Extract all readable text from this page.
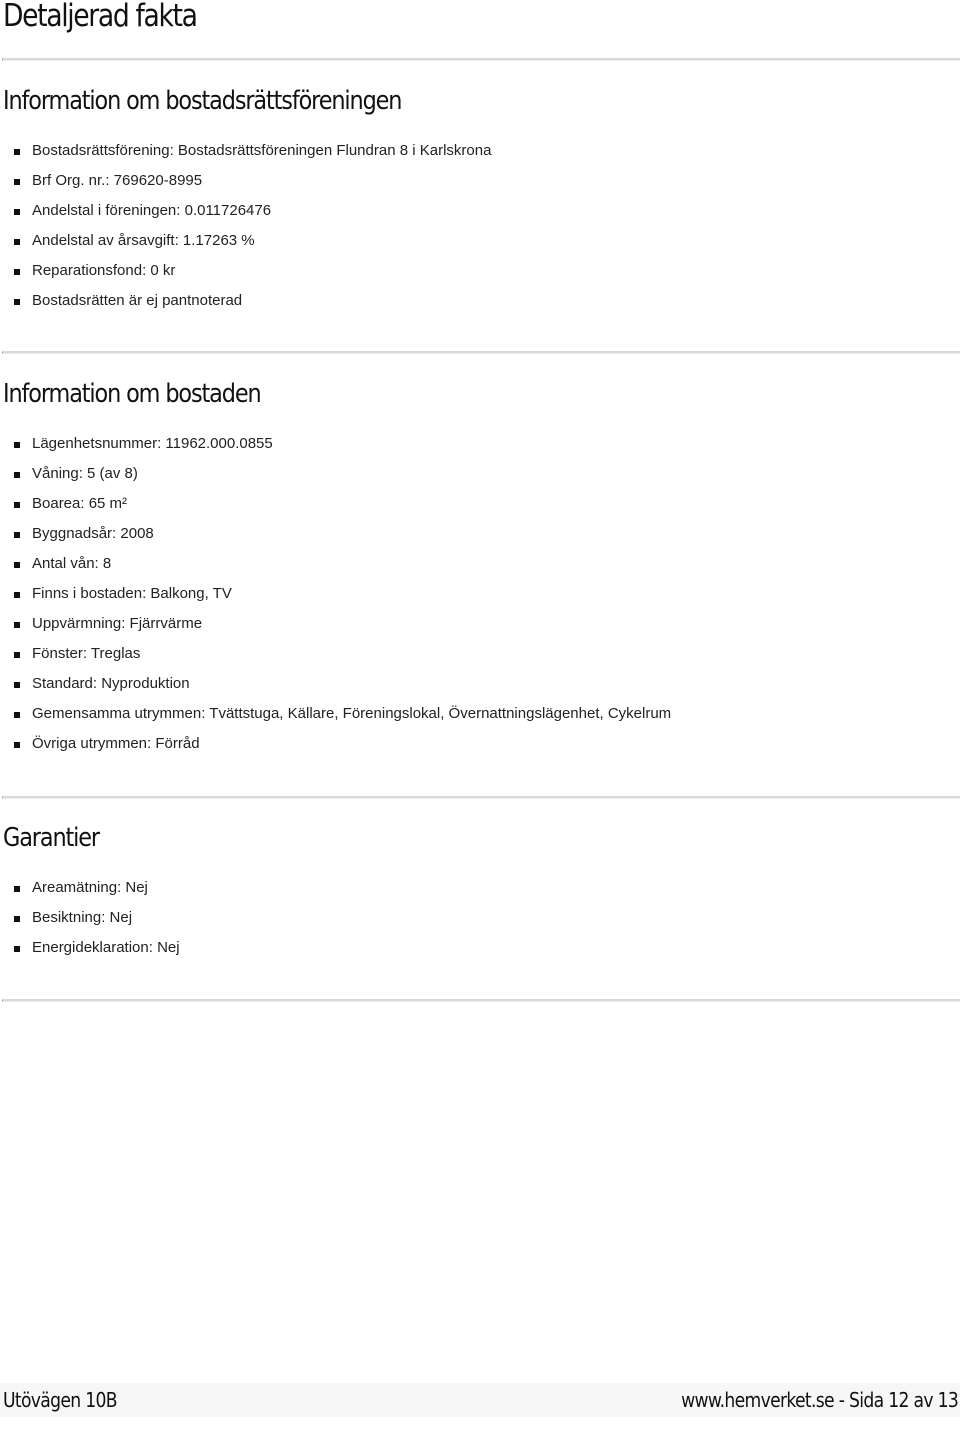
Detaljerad fakta
Information om bostadsrättsföreningen
Bostadsrättsförening: Bostadsrättsföreningen Flundran 8 i Karlskrona
Brf Org. nr.: 769620-8995
Andelstal i föreningen: 0.011726476
Andelstal av årsavgift: 1.17263 %
Reparationsfond: 0 kr
Bostadsrätten är ej pantnoterad
Information om bostaden
Lägenhetsnummer: 11962.000.0855
Våning: 5 (av 8)
Boarea: 65 m²
Byggnadsår: 2008
Antal vån: 8
Finns i bostaden: Balkong, TV
Uppvärmning: Fjärrvärme
Fönster: Treglas
Standard: Nyproduktion
Gemensamma utrymmen: Tvättstuga, Källare, Föreningslokal, Övernattningslägenhet, Cykelrum
Övriga utrymmen: Förråd
Garantier
Areamätning: Nej
Besiktning: Nej
Energideklaration: Nej
Utövägen 10B	www.hemverket.se - Sida 12 av 13
